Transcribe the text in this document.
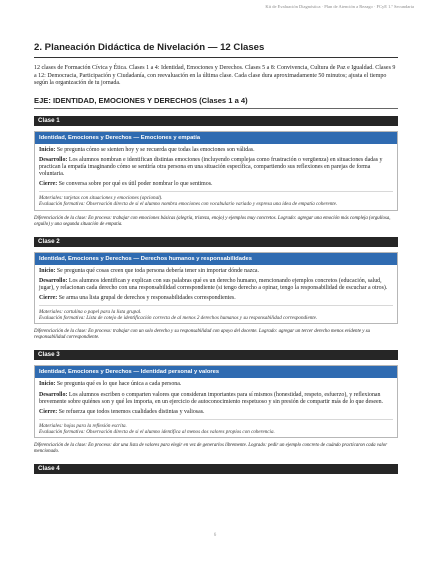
Kit de Evaluación Diagnóstica · Plan de Atención a Rezago · FCyE 1.º Secundaria
2. Planeación Didáctica de Nivelación — 12 Clases

12 clases de Formación Cívica y Ética. Clases 1 a 4: Identidad, Emociones y Derechos. Clases 5 a 8: Convivencia, Cultura de Paz e Igualdad. Clases 9 a 12: Democracia, Participación y Ciudadanía, con reevaluación en la última clase. Cada clase dura aproximadamente 50 minutos; ajusta el tiempo según la organización de tu jornada.

EJE: IDENTIDAD, EMOCIONES Y DERECHOS (Clases 1 a 4)
Clase 1
Identidad, Emociones y Derechos — Emociones y empatía

Inicio: Se pregunta cómo se sienten hoy y se recuerda que todas las emociones son válidas.

Desarrollo: Los alumnos nombran e identifican distintas emociones (incluyendo complejas como frustración o vergüenza) en situaciones dadas y practican la empatía imaginando cómo se sentiría otra persona en una situación específica, compartiendo sus reflexiones en parejas de forma voluntaria.

Cierre: Se conversa sobre por qué es útil poder nombrar lo que sentimos.

Materiales: tarjetas con situaciones y emociones (opcional).
Evaluación formativa: Observación directa de si el alumno nombra emociones con vocabulario variado y expresa una idea de empatía coherente.

Diferenciación de la clase: En proceso: trabajar con emociones básicas (alegría, tristeza, enojo) y ejemplos muy concretos. Logrado: agregar una emoción más compleja (orgullosa, orgullo) y una segunda situación de empatía.

Clase 2
Identidad, Emociones y Derechos — Derechos humanos y responsabilidades

Inicio: Se pregunta qué cosas creen que toda persona debería tener sin importar dónde nazca.

Desarrollo: Los alumnos identifican y explican con sus palabras qué es un derecho humano, mencionando ejemplos concretos (educación, salud, jugar), y relacionan cada derecho con una responsabilidad correspondiente (si tengo derecho a opinar, tengo la responsabilidad de escuchar a otros).

Cierre: Se arma una lista grupal de derechos y responsabilidades correspondientes.

Materiales: cartulina o papel para la lista grupal.
Evaluación formativa: Lista de cotejo de identificación correcta de al menos 2 derechos humanos y su responsabilidad correspondiente.

Diferenciación de la clase: En proceso: trabajar con un solo derecho y su responsabilidad con apoyo del docente. Logrado: agregar un tercer derecho menos evidente y su responsabilidad correspondiente.

Clase 3
Identidad, Emociones y Derechos — Identidad personal y valores

Inicio: Se pregunta qué es lo que hace única a cada persona.

Desarrollo: Los alumnos escriben o comparten valores que consideran importantes para sí mismos (honestidad, respeto, esfuerzo), y reflexionan brevemente sobre quiénes son y qué les importa, en un ejercicio de autoconocimiento respetuoso y sin presión de compartir más de lo que deseen.

Cierre: Se refuerza que todos tenemos cualidades distintas y valiosas.

Materiales: hojas para la reflexión escrita.
Evaluación formativa: Observación directa de si el alumno identifica al menos dos valores propios con coherencia.

Diferenciación de la clase: En proceso: dar una lista de valores para elegir en vez de generarlos libremente. Logrado: pedir un ejemplo concreto de cuándo practicaron cada valor mencionado.

Clase 4
6
